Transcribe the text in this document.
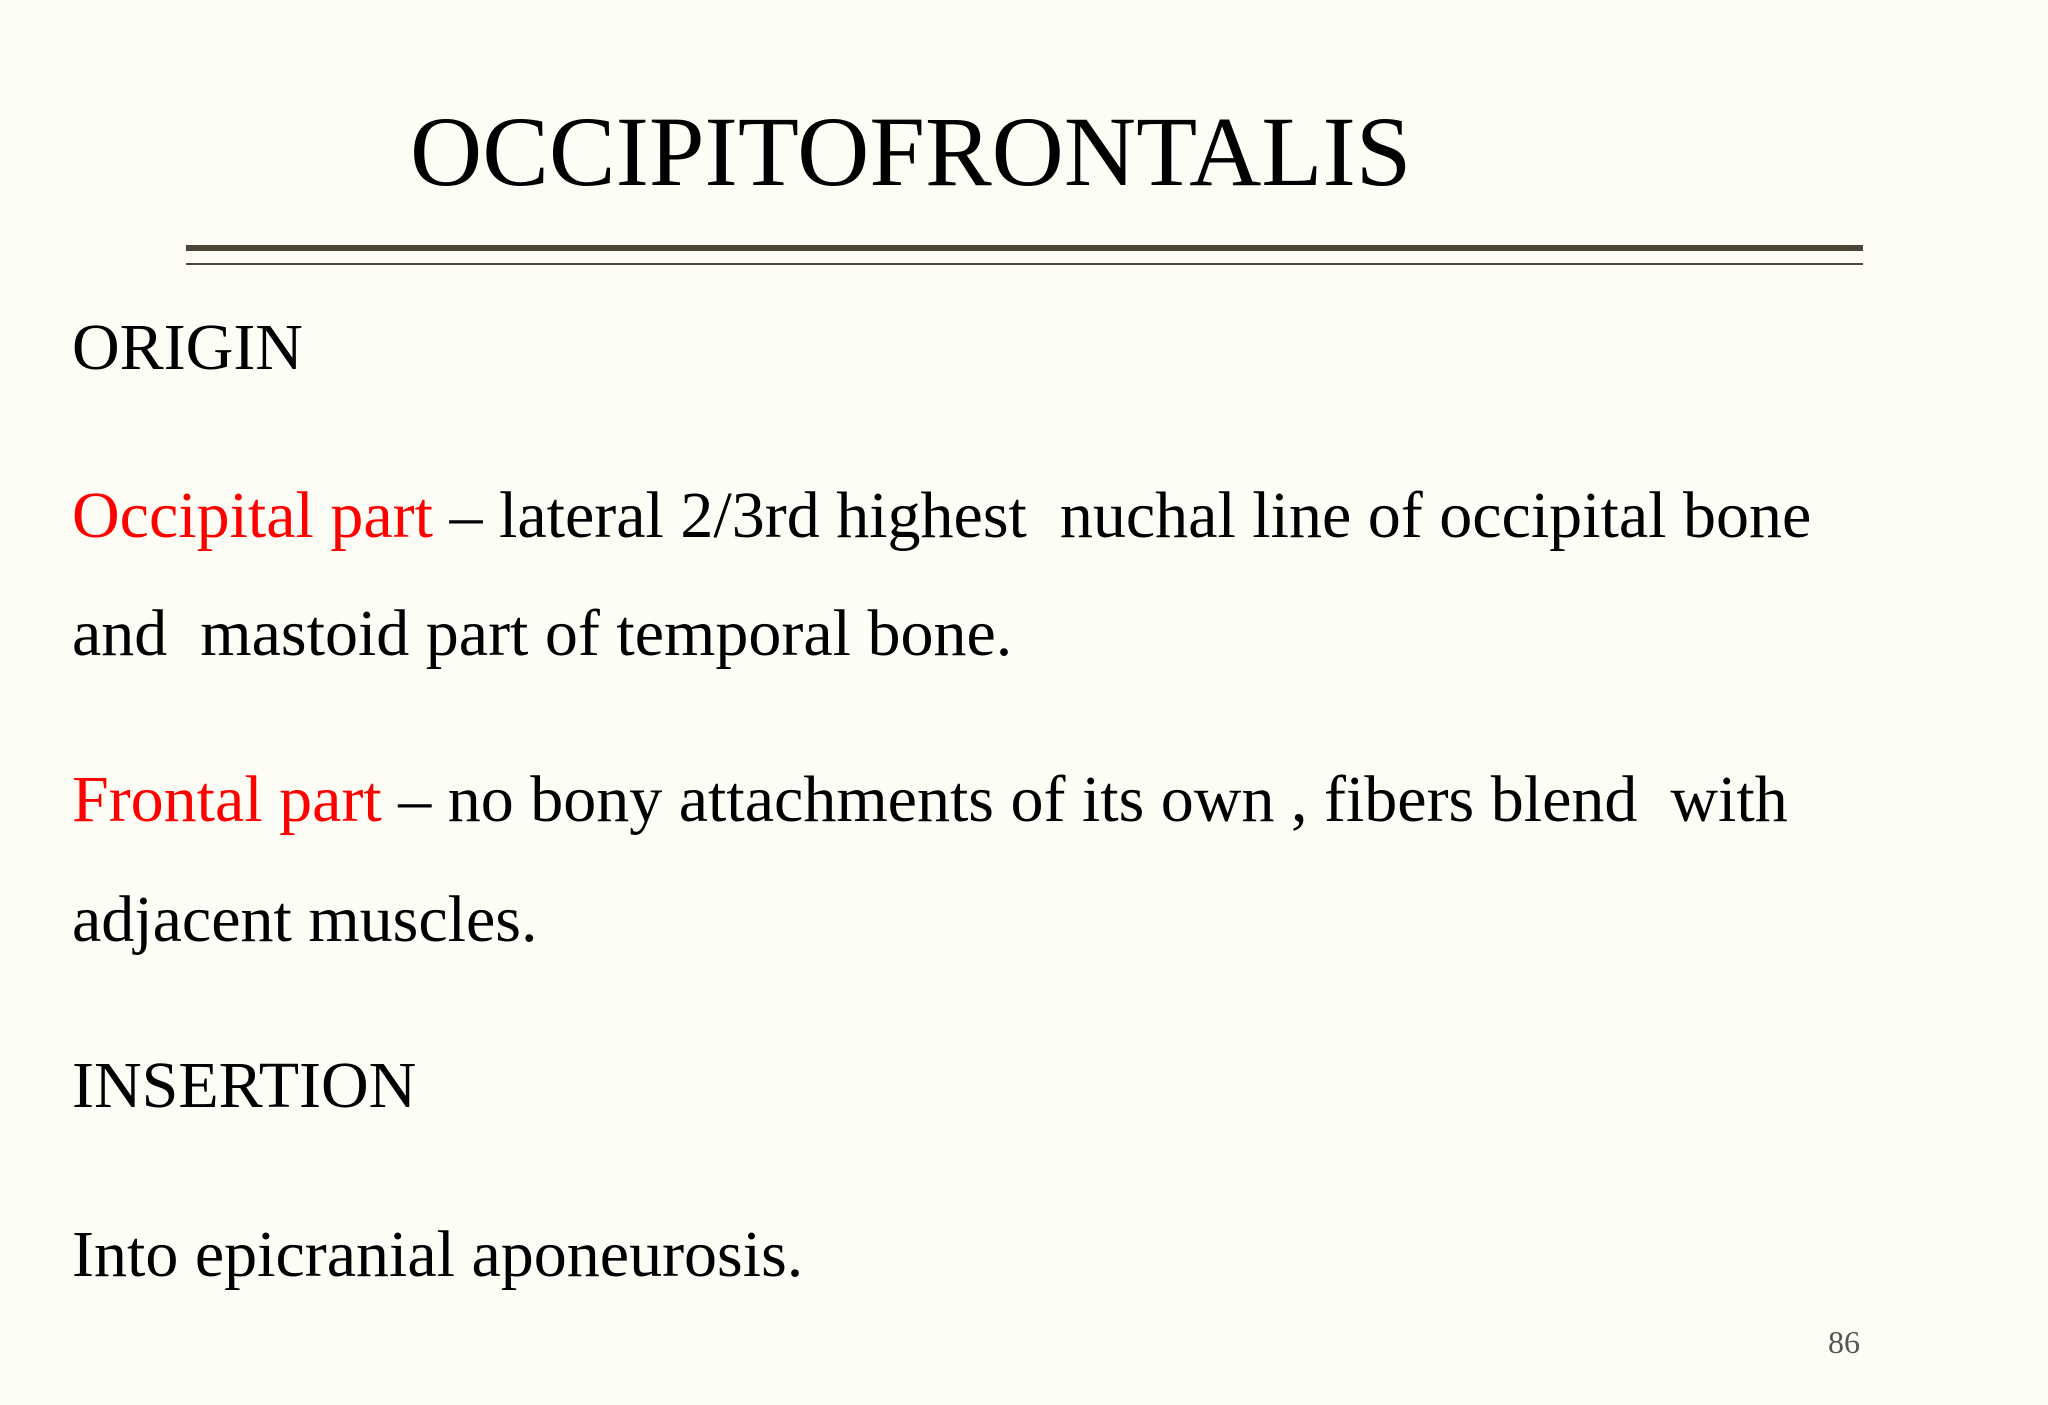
OCCIPITOFRONTALIS
ORIGIN
Occipital part – lateral 2/3rd highest  nuchal line of occipital bone
and  mastoid part of temporal bone.
Frontal part – no bony attachments of its own , fibers blend  with
adjacent muscles.
INSERTION
Into epicranial aponeurosis.
86
